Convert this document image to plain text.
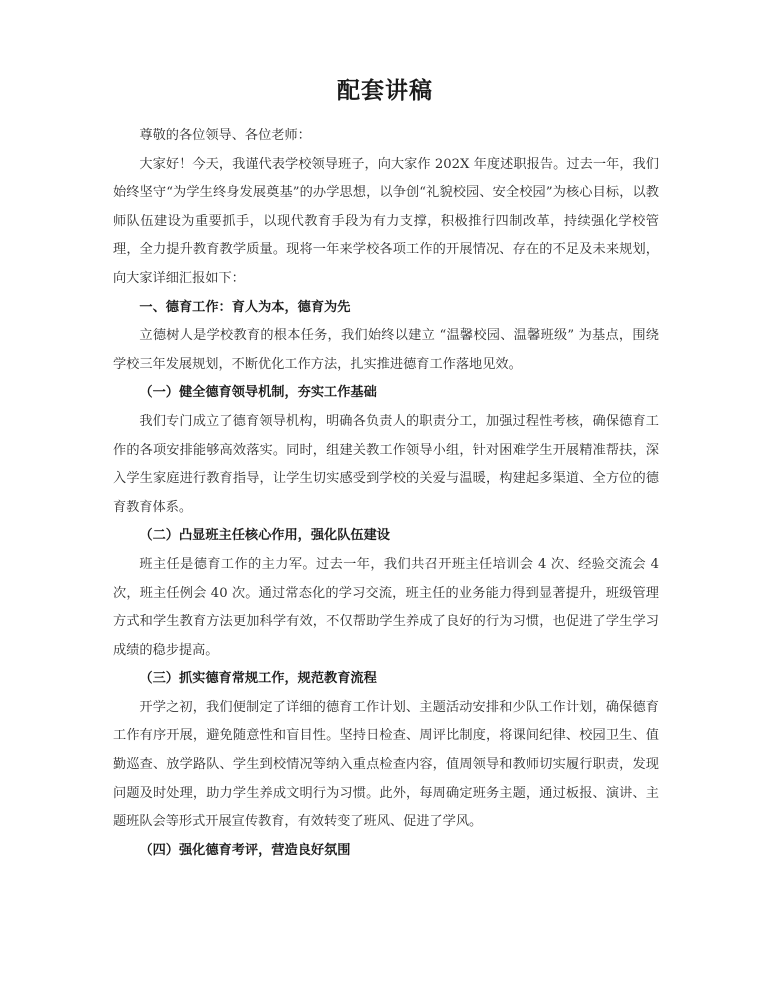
配套讲稿

尊敬的各位领导、各位老师：

大家好！今天，我谨代表学校领导班子，向大家作 202X 年度述职报告。过去一年，我们始终坚守“为学生终身发展奠基”的办学思想，以争创“礼貌校园、安全校园”为核心目标，以教师队伍建设为重要抓手，以现代教育手段为有力支撑，积极推行四制改革，持续强化学校管理，全力提升教育教学质量。现将一年来学校各项工作的开展情况、存在的不足及未来规划，向大家详细汇报如下：

一、德育工作：育人为本，德育为先

立德树人是学校教育的根本任务，我们始终以建立 “温馨校园、温馨班级” 为基点，围绕学校三年发展规划，不断优化工作方法，扎实推进德育工作落地见效。

（一）健全德育领导机制，夯实工作基础

我们专门成立了德育领导机构，明确各负责人的职责分工，加强过程性考核，确保德育工作的各项安排能够高效落实。同时，组建关教工作领导小组，针对困难学生开展精准帮扶，深入学生家庭进行教育指导，让学生切实感受到学校的关爱与温暖，构建起多渠道、全方位的德育教育体系。

（二）凸显班主任核心作用，强化队伍建设

班主任是德育工作的主力军。过去一年，我们共召开班主任培训会 4 次、经验交流会 4 次，班主任例会 40 次。通过常态化的学习交流，班主任的业务能力得到显著提升，班级管理方式和学生教育方法更加科学有效，不仅帮助学生养成了良好的行为习惯，也促进了学生学习成绩的稳步提高。

（三）抓实德育常规工作，规范教育流程

开学之初，我们便制定了详细的德育工作计划、主题活动安排和少队工作计划，确保德育工作有序开展，避免随意性和盲目性。坚持日检查、周评比制度，将课间纪律、校园卫生、值勤巡查、放学路队、学生到校情况等纳入重点检查内容，值周领导和教师切实履行职责，发现问题及时处理，助力学生养成文明行为习惯。此外，每周确定班务主题，通过板报、演讲、主题班队会等形式开展宣传教育，有效转变了班风、促进了学风。

（四）强化德育考评，营造良好氛围
